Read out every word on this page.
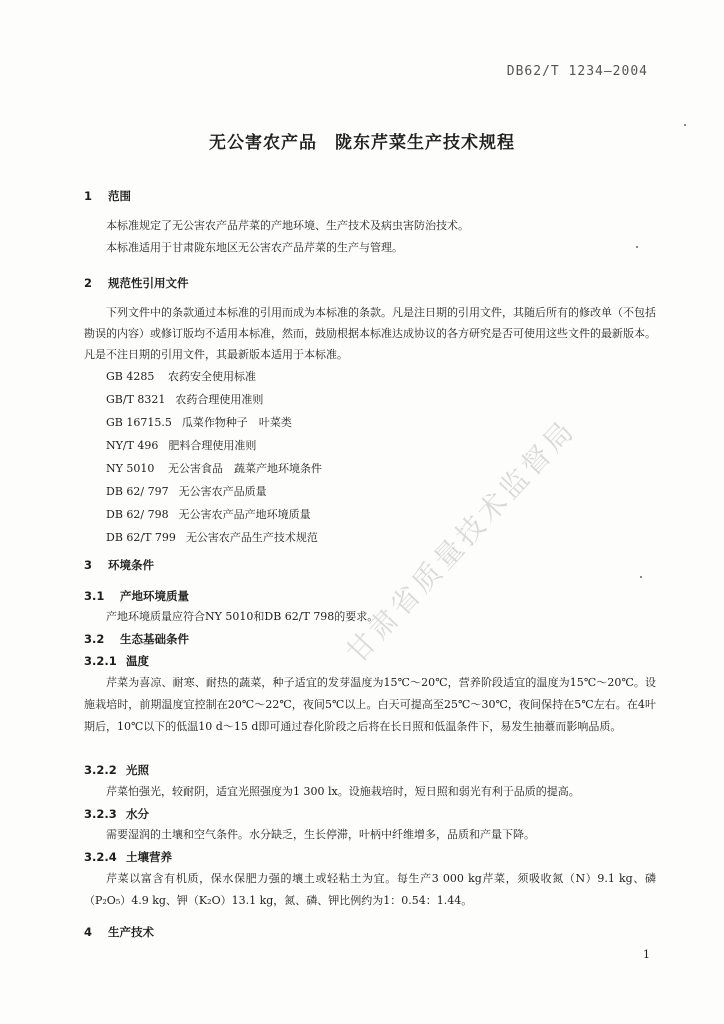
DB62/T 1234—2004
无公害农产品　陇东芹菜生产技术规程
1 范围
本标准规定了无公害农产品芹菜的产地环境、生产技术及病虫害防治技术。
本标准适用于甘肃陇东地区无公害农产品芹菜的生产与管理。
2 规范性引用文件
下列文件中的条款通过本标准的引用而成为本标准的条款。凡是注日期的引用文件，其随后所有的修改单（不包括勘误的内容）或修订版均不适用本标准，然而，鼓励根据本标准达成协议的各方研究是否可使用这些文件的最新版本。凡是不注日期的引用文件，其最新版本适用于本标准。
GB 4285 农药安全使用标准
GB/T 8321 农药合理使用准则
GB 16715.5 瓜菜作物种子　叶菜类
NY/T 496 肥料合理使用准则
NY 5010 无公害食品　蔬菜产地环境条件
DB 62/ 797 无公害农产品质量
DB 62/ 798 无公害农产品产地环境质量
DB 62/T 799 无公害农产品生产技术规范
3 环境条件
3.1 产地环境质量
产地环境质量应符合NY 5010和DB 62/T 798的要求。
3.2 生态基础条件
3.2.1 温度
芹菜为喜凉、耐寒、耐热的蔬菜，种子适宜的发芽温度为15℃～20℃，营养阶段适宜的温度为15℃～20℃。设施栽培时，前期温度宜控制在20℃～22℃，夜间5℃以上。白天可提高至25℃～30℃，夜间保持在5℃左右。在4叶期后，10℃以下的低温10 d～15 d即可通过春化阶段之后将在长日照和低温条件下，易发生抽薹而影响品质。
3.2.2 光照
芹菜怕强光，较耐阴，适宜光照强度为1 300 lx。设施栽培时，短日照和弱光有利于品质的提高。
3.2.3 水分
需要湿润的土壤和空气条件。水分缺乏，生长停滞，叶柄中纤维增多，品质和产量下降。
3.2.4 土壤营养
芹菜以富含有机质，保水保肥力强的壤土或轻粘土为宜。每生产3 000 kg芹菜，须吸收氮（N）9.1 kg、磷（P₂O₅）4.9 kg、钾（K₂O）13.1 kg，氮、磷、钾比例约为1：0.54：1.44。
4 生产技术
甘肃省质量技术监督局
1
